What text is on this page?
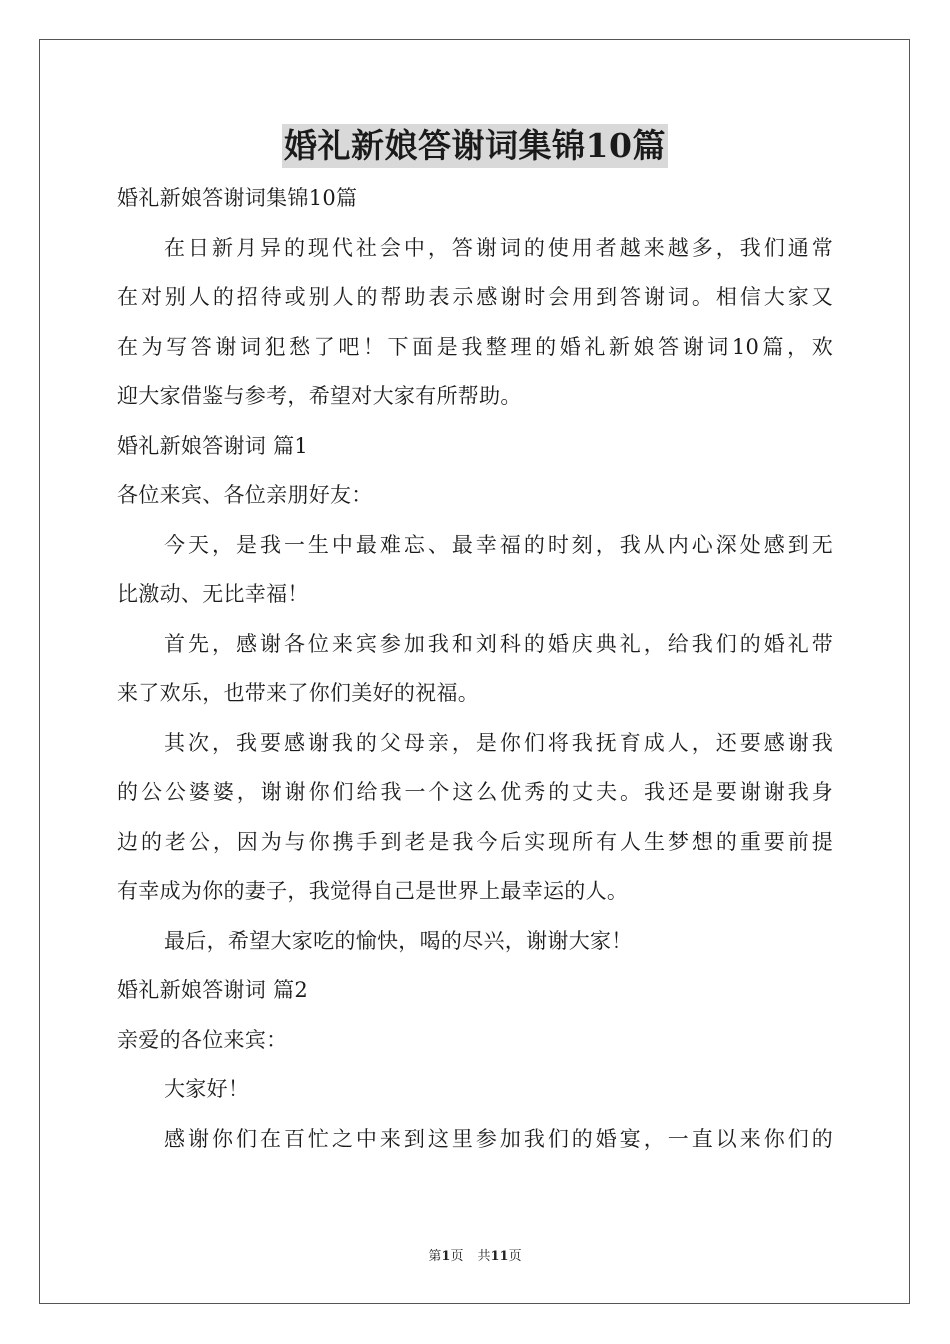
婚礼新娘答谢词集锦10篇
婚礼新娘答谢词集锦10篇
在日新月异的现代社会中，答谢词的使用者越来越多，我们通常
在对别人的招待或别人的帮助表示感谢时会用到答谢词。相信大家又
在为写答谢词犯愁了吧！下面是我整理的婚礼新娘答谢词10篇，欢
迎大家借鉴与参考，希望对大家有所帮助。
婚礼新娘答谢词 篇1
各位来宾、各位亲朋好友：
今天，是我一生中最难忘、最幸福的时刻，我从内心深处感到无
比激动、无比幸福！
首先，感谢各位来宾参加我和刘科的婚庆典礼，给我们的婚礼带
来了欢乐，也带来了你们美好的祝福。
其次，我要感谢我的父母亲，是你们将我抚育成人，还要感谢我
的公公婆婆，谢谢你们给我一个这么优秀的丈夫。我还是要谢谢我身
边的老公，因为与你携手到老是我今后实现所有人生梦想的重要前提
有幸成为你的妻子，我觉得自己是世界上最幸运的人。
最后，希望大家吃的愉快，喝的尽兴，谢谢大家！
婚礼新娘答谢词 篇2
亲爱的各位来宾：
大家好！
感谢你们在百忙之中来到这里参加我们的婚宴，一直以来你们的
第1页 共11页
